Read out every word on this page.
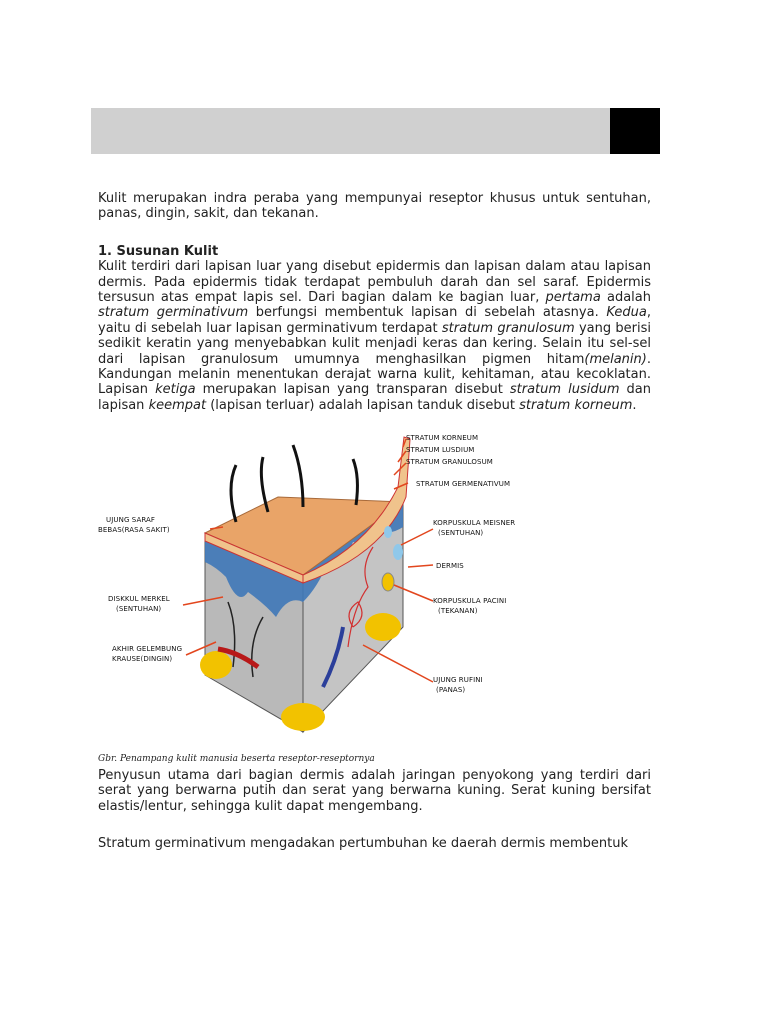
Kulit merupakan indra peraba yang mempunyai reseptor khusus untuk sentuhan, panas, dingin, sakit, dan tekanan.

1. Susunan Kulit

Kulit terdiri dari lapisan luar yang disebut epidermis dan lapisan dalam atau lapisan dermis. Pada epidermis tidak terdapat pembuluh darah dan sel saraf. Epidermis tersusun atas empat lapis sel. Dari bagian dalam ke bagian luar, pertama adalah stratum germinativum berfungsi membentuk lapisan di sebelah atasnya. Kedua, yaitu di sebelah luar lapisan germinativum terdapat stratum granulosum yang berisi sedikit keratin yang menyebabkan kulit menjadi keras dan kering. Selain itu sel-sel dari lapisan granulosum umumnya menghasilkan pigmen hitam(melanin). Kandungan melanin menentukan derajat warna kulit, kehitaman, atau kecoklatan. Lapisan ketiga merupakan lapisan yang transparan disebut stratum lusidum dan lapisan keempat (lapisan terluar) adalah lapisan tanduk disebut stratum korneum.

STRATUM KORNEUM
STRATUM LUSDIUM
STRATUM GRANULOSUM
STRATUM GERMENATIVUM
UJUNG SARAF
BEBAS(RASA SAKIT)
KORPUSKULA MEISNER
(SENTUHAN)
DERMIS
DISKKUL MERKEL
(SENTUHAN)
KORPUSKULA PACINI
(TEKANAN)
AKHIR GELEMBUNG
KRAUSE(DINGIN)
UJUNG RUFINI
(PANAS)

Gbr. Penampang kulit manusia beserta reseptor-reseptornya

Penyusun utama dari bagian dermis adalah jaringan penyokong yang terdiri dari serat yang berwarna putih dan serat yang berwarna kuning. Serat kuning bersifat elastis/lentur, sehingga kulit dapat mengembang.

Stratum germinativum mengadakan pertumbuhan ke daerah dermis membentuk
